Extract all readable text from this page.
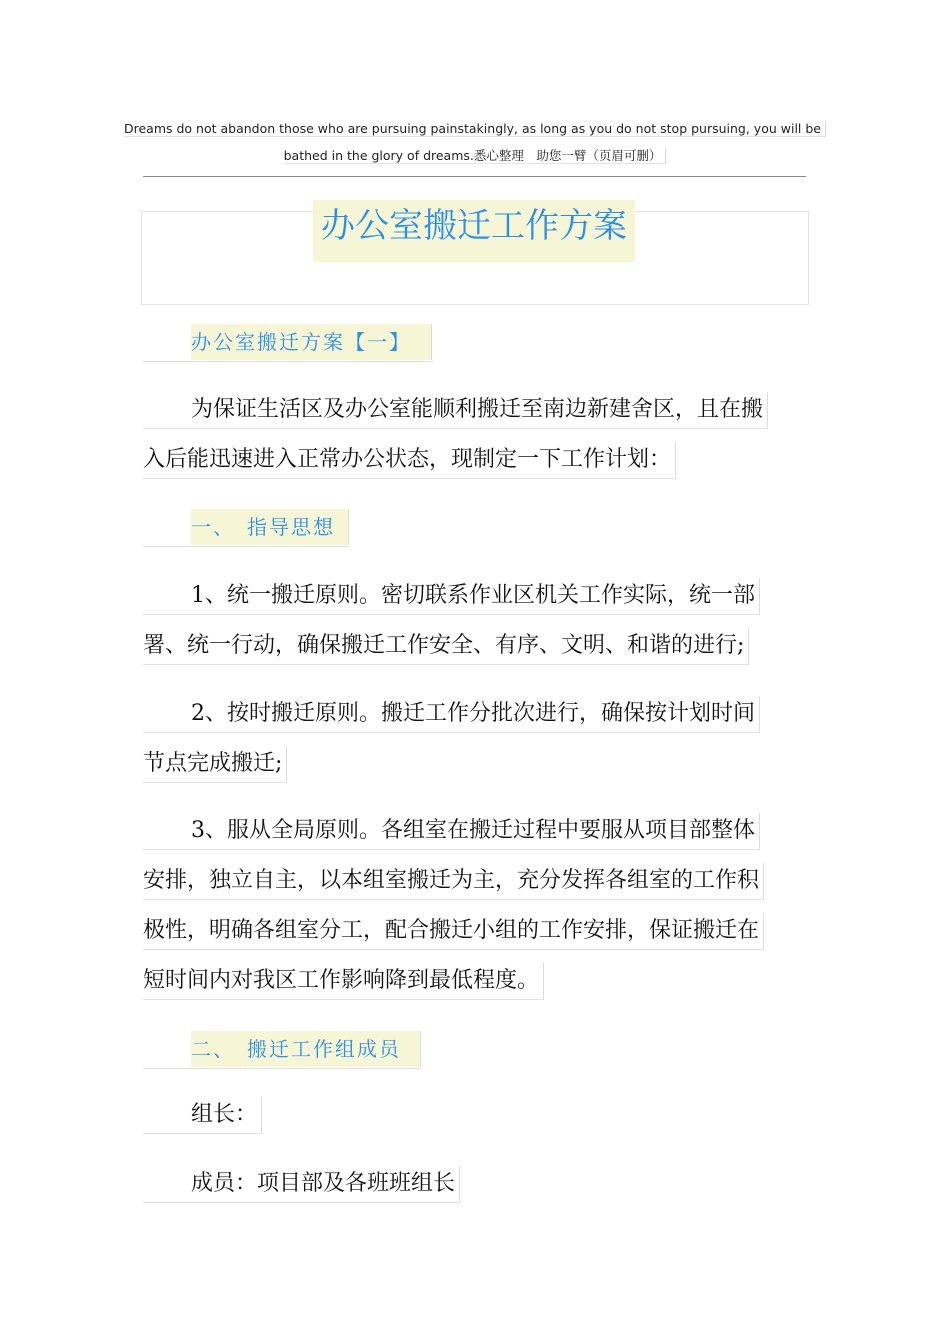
Dreams do not abandon those who are pursuing painstakingly, as long as you do not stop pursuing, you will be
bathed in the glory of dreams.悉心整理　助您一臂（页眉可删）
办公室搬迁工作方案
办公室搬迁方案【一】
为保证生活区及办公室能顺利搬迁至南边新建舍区，且在搬
入后能迅速进入正常办公状态，现制定一下工作计划：
一、　指导思想
1、统一搬迁原则。密切联系作业区机关工作实际，统一部
署、统一行动，确保搬迁工作安全、有序、文明、和谐的进行;
2、按时搬迁原则。搬迁工作分批次进行，确保按计划时间
节点完成搬迁;
3、服从全局原则。各组室在搬迁过程中要服从项目部整体
安排，独立自主，以本组室搬迁为主，充分发挥各组室的工作积
极性，明确各组室分工，配合搬迁小组的工作安排，保证搬迁在
短时间内对我区工作影响降到最低程度。
二、　搬迁工作组成员
组长：
成员：项目部及各班班组长
